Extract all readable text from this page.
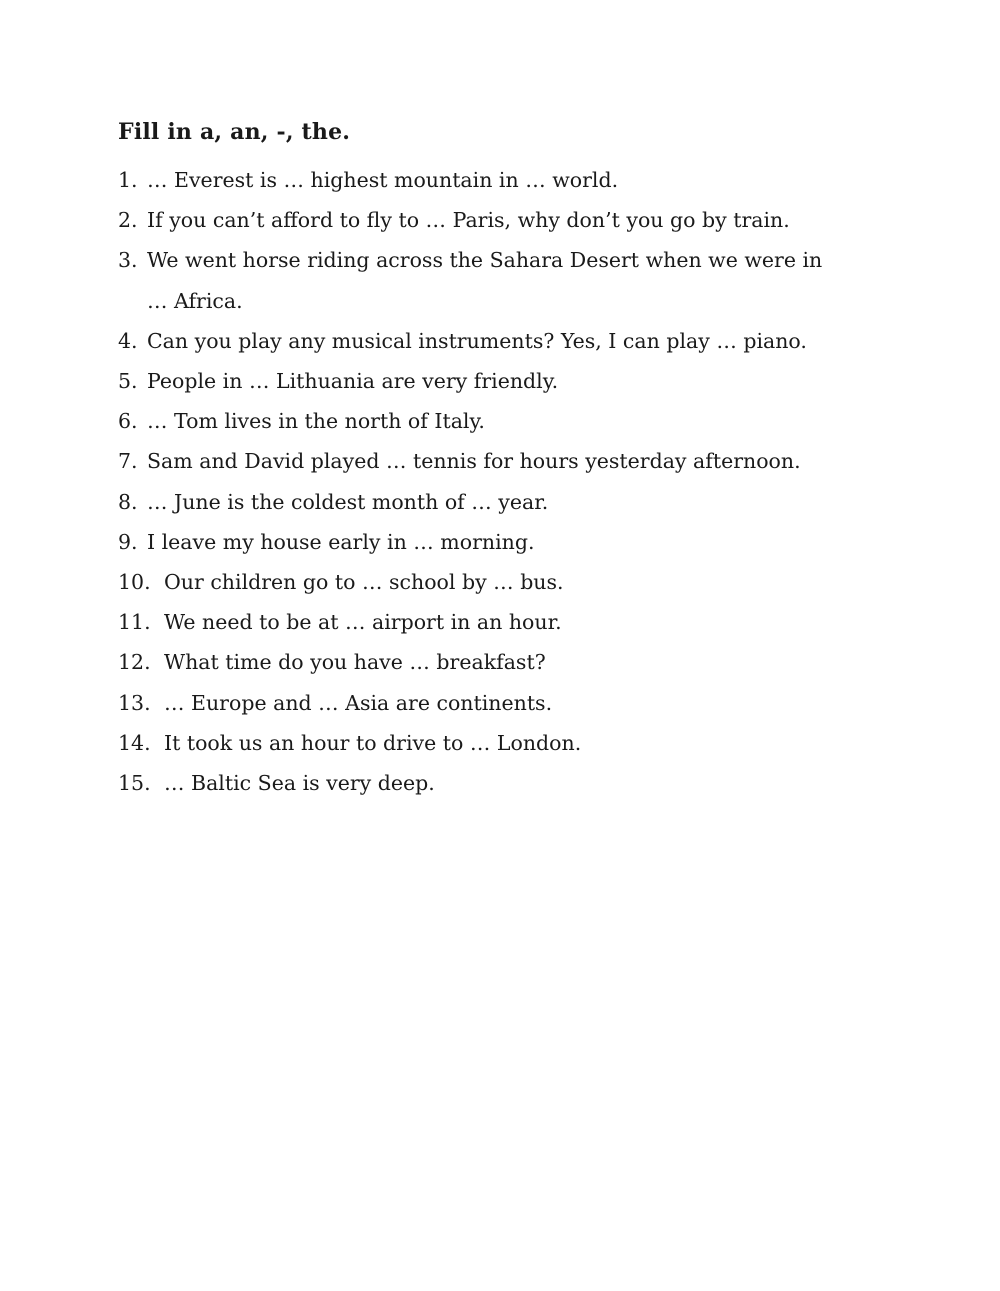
Fill in a, an, -, the.
1. … Everest is … highest mountain in … world.
2. If you can’t afford to fly to … Paris, why don’t you go by train.
3. We went horse riding across the Sahara Desert when we were in
… Africa.
4. Can you play any musical instruments? Yes, I can play … piano.
5. People in … Lithuania are very friendly.
6. … Tom lives in the north of Italy.
7. Sam and David played … tennis for hours yesterday afternoon.
8. … June is the coldest month of … year.
9. I leave my house early in … morning.
10. Our children go to … school by … bus.
11. We need to be at … airport in an hour.
12. What time do you have … breakfast?
13. … Europe and … Asia are continents.
14. It took us an hour to drive to … London.
15. … Baltic Sea is very deep.
